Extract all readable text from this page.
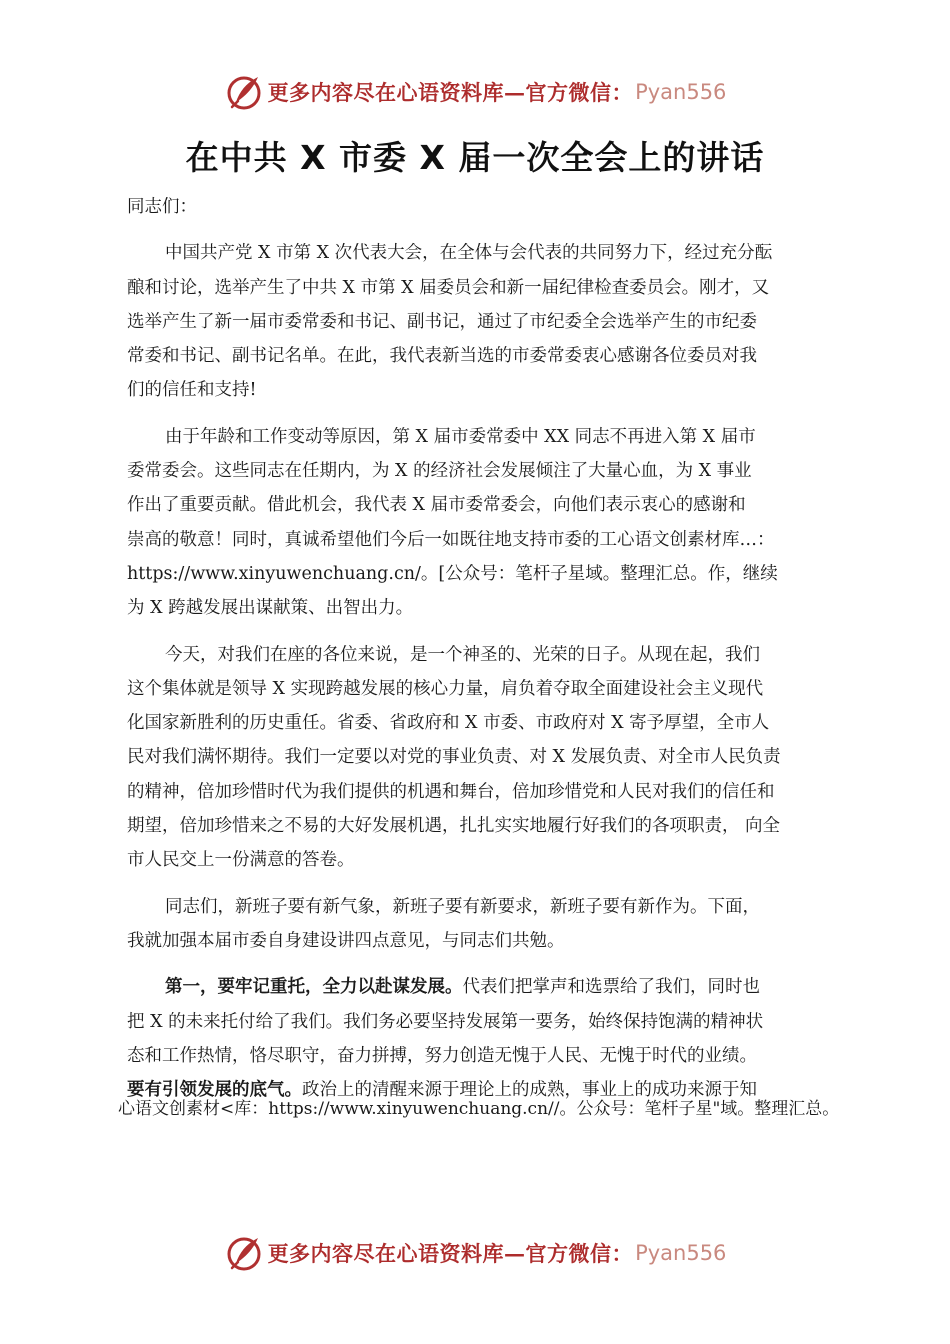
更多内容尽在心语资料库—官方微信： Pyan556
在中共 X 市委 X 届一次全会上的讲话

同志们：

中国共产党 X 市第 X 次代表大会，在全体与会代表的共同努力下，经过充分酝
酿和讨论，选举产生了中共 X 市第 X 届委员会和新一届纪律检查委员会。刚才，又
选举产生了新一届市委常委和书记、副书记，通过了市纪委全会选举产生的市纪委
常委和书记、副书记名单。在此，我代表新当选的市委常委衷心感谢各位委员对我
们的信任和支持!

由于年龄和工作变动等原因，第 X 届市委常委中 XX 同志不再进入第 X 届市
委常委会。这些同志在任期内，为 X 的经济社会发展倾注了大量心血，为 X 事业
作出了重要贡献。借此机会，我代表 X 届市委常委会，向他们表示衷心的感谢和
崇高的敬意！同时，真诚希望他们今后一如既往地支持市委的工心语文创素材库…：
https://www.xinyuwenchuang.cn/。[公众号：笔杆子星域。整理汇总。作，继续
为 X 跨越发展出谋献策、出智出力。

今天，对我们在座的各位来说，是一个神圣的、光荣的日子。从现在起，我们
这个集体就是领导 X 实现跨越发展的核心力量，肩负着夺取全面建设社会主义现代
化国家新胜利的历史重任。省委、省政府和 X 市委、市政府对 X 寄予厚望，全市人
民对我们满怀期待。我们一定要以对党的事业负责、对 X 发展负责、对全市人民负责
的精神，倍加珍惜时代为我们提供的机遇和舞台，倍加珍惜党和人民对我们的信任和
期望，倍加珍惜来之不易的大好发展机遇，扎扎实实地履行好我们的各项职责， 向全
市人民交上一份满意的答卷。

同志们，新班子要有新气象，新班子要有新要求，新班子要有新作为。下面，
我就加强本届市委自身建设讲四点意见，与同志们共勉。

第一，要牢记重托，全力以赴谋发展。代表们把掌声和选票给了我们，同时也
把 X 的未来托付给了我们。我们务必要坚持发展第一要务，始终保持饱满的精神状
态和工作热情，恪尽职守，奋力拼搏，努力创造无愧于人民、无愧于时代的业绩。
要有引领发展的底气。政治上的清醒来源于理论上的成熟，事业上的成功来源于知

心语文创素材<库：https://www.xinyuwenchuang.cn//。公众号：笔杆子星"域。整理汇总。
更多内容尽在心语资料库—官方微信： Pyan556
